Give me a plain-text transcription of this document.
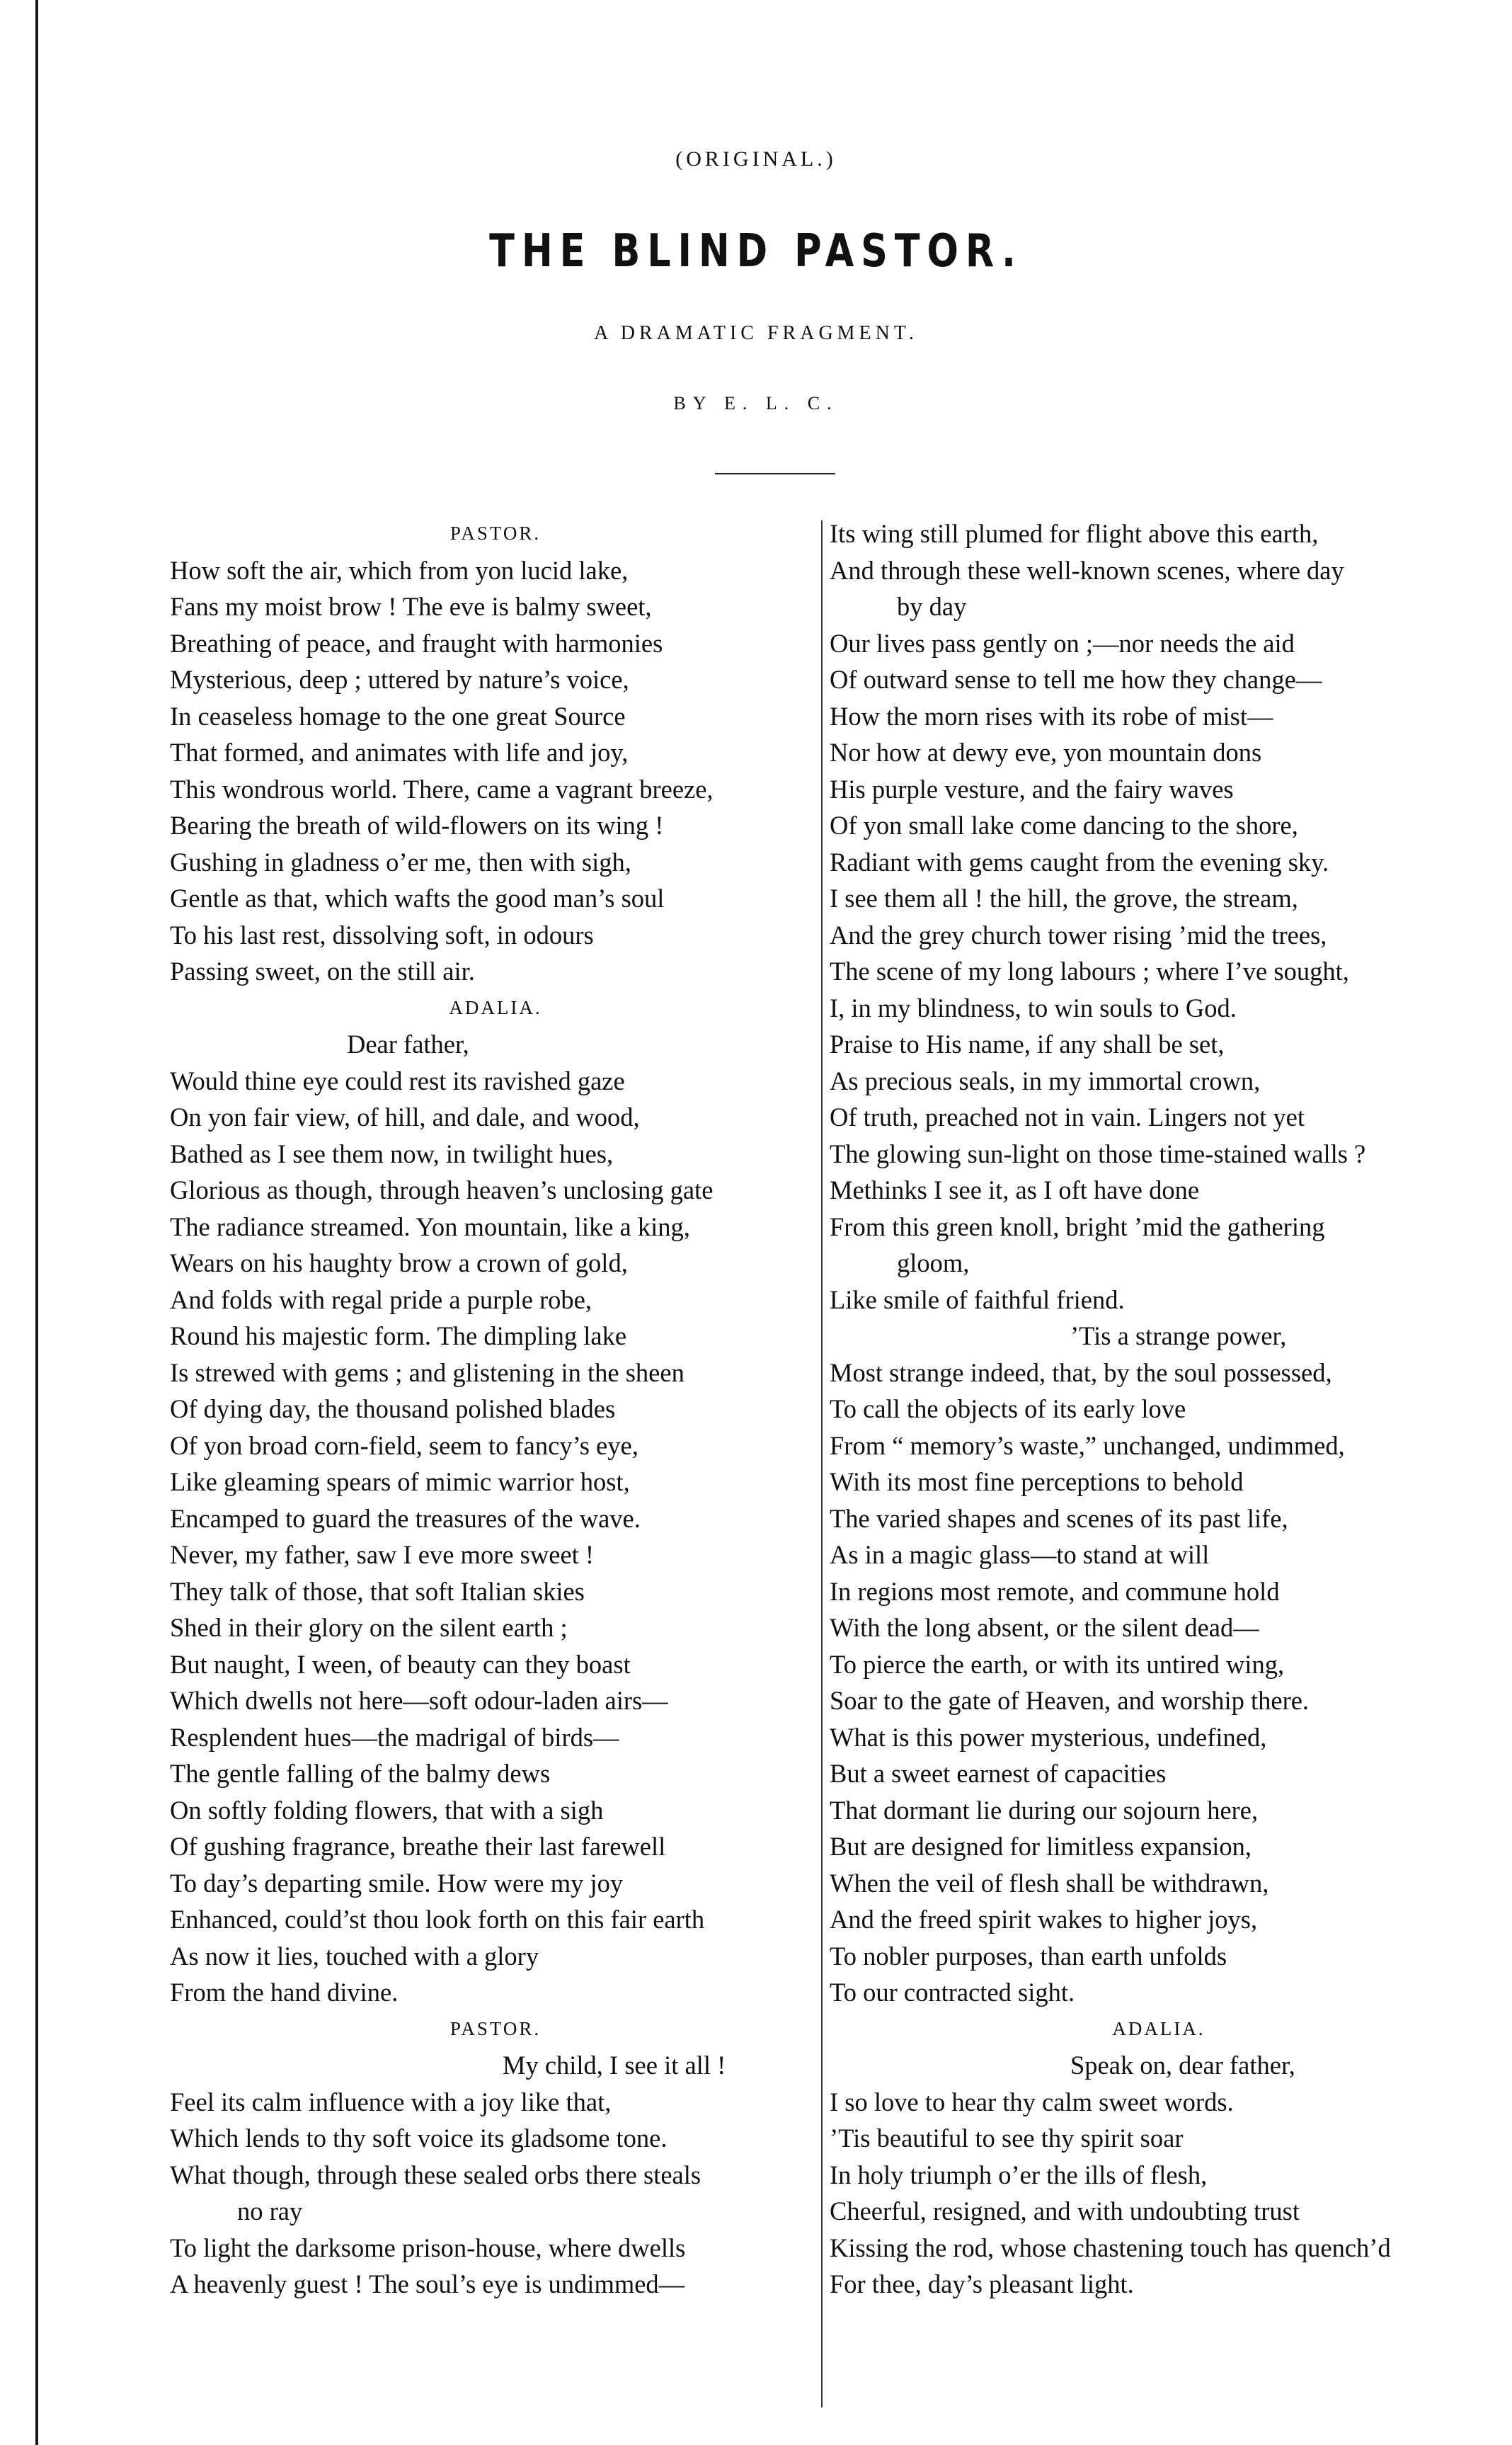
(ORIGINAL.)
THE BLIND PASTOR.
A DRAMATIC FRAGMENT.
BY E. L. C.
PASTOR.
How soft the air, which from yon lucid lake,
Fans my moist brow ! The eve is balmy sweet,
Breathing of peace, and fraught with harmonies
Mysterious, deep ; uttered by nature’s voice,
In ceaseless homage to the one great Source
That formed, and animates with life and joy,
This wondrous world. There, came a vagrant breeze,
Bearing the breath of wild-flowers on its wing !
Gushing in gladness o’er me, then with sigh,
Gentle as that, which wafts the good man’s soul
To his last rest, dissolving soft, in odours
Passing sweet, on the still air.
ADALIA.
Dear father,
Would thine eye could rest its ravished gaze
On yon fair view, of hill, and dale, and wood,
Bathed as I see them now, in twilight hues,
Glorious as though, through heaven’s unclosing gate
The radiance streamed. Yon mountain, like a king,
Wears on his haughty brow a crown of gold,
And folds with regal pride a purple robe,
Round his majestic form. The dimpling lake
Is strewed with gems ; and glistening in the sheen
Of dying day, the thousand polished blades
Of yon broad corn-field, seem to fancy’s eye,
Like gleaming spears of mimic warrior host,
Encamped to guard the treasures of the wave.
Never, my father, saw I eve more sweet !
They talk of those, that soft Italian skies
Shed in their glory on the silent earth ;
But naught, I ween, of beauty can they boast
Which dwells not here—soft odour-laden airs—
Resplendent hues—the madrigal of birds—
The gentle falling of the balmy dews
On softly folding flowers, that with a sigh
Of gushing fragrance, breathe their last farewell
To day’s departing smile. How were my joy
Enhanced, could’st thou look forth on this fair earth
As now it lies, touched with a glory
From the hand divine.
PASTOR.
My child, I see it all !
Feel its calm influence with a joy like that,
Which lends to thy soft voice its gladsome tone.
What though, through these sealed orbs there steals
no ray
To light the darksome prison-house, where dwells
A heavenly guest ! The soul’s eye is undimmed—
Its wing still plumed for flight above this earth,
And through these well-known scenes, where day
by day
Our lives pass gently on ;—nor needs the aid
Of outward sense to tell me how they change—
How the morn rises with its robe of mist—
Nor how at dewy eve, yon mountain dons
His purple vesture, and the fairy waves
Of yon small lake come dancing to the shore,
Radiant with gems caught from the evening sky.
I see them all ! the hill, the grove, the stream,
And the grey church tower rising ’mid the trees,
The scene of my long labours ; where I’ve sought,
I, in my blindness, to win souls to God.
Praise to His name, if any shall be set,
As precious seals, in my immortal crown,
Of truth, preached not in vain. Lingers not yet
The glowing sun-light on those time-stained walls ?
Methinks I see it, as I oft have done
From this green knoll, bright ’mid the gathering
gloom,
Like smile of faithful friend.
’Tis a strange power,
Most strange indeed, that, by the soul possessed,
To call the objects of its early love
From “ memory’s waste,” unchanged, undimmed,
With its most fine perceptions to behold
The varied shapes and scenes of its past life,
As in a magic glass—to stand at will
In regions most remote, and commune hold
With the long absent, or the silent dead—
To pierce the earth, or with its untired wing,
Soar to the gate of Heaven, and worship there.
What is this power mysterious, undefined,
But a sweet earnest of capacities
That dormant lie during our sojourn here,
But are designed for limitless expansion,
When the veil of flesh shall be withdrawn,
And the freed spirit wakes to higher joys,
To nobler purposes, than earth unfolds
To our contracted sight.
ADALIA.
Speak on, dear father,
I so love to hear thy calm sweet words.
’Tis beautiful to see thy spirit soar
In holy triumph o’er the ills of flesh,
Cheerful, resigned, and with undoubting trust
Kissing the rod, whose chastening touch has quench’d
For thee, day’s pleasant light.
